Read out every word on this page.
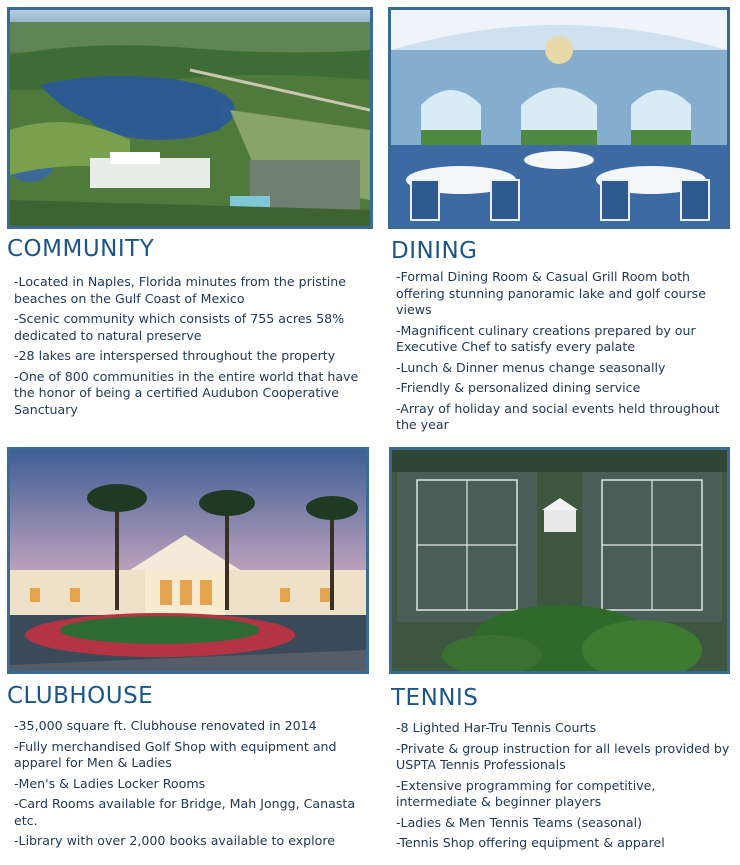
COMMUNITY	DINING
CLUBHOUSE	TENNIS
- Located in Naples, Florida minutes from the pristine beaches on the Gulf Coast of Mexico
- Scenic community which consists of 755 acres 58% dedicated to natural preserve
- 28 lakes are interspersed throughout the property
- One of 800 communities in the entire world that have the honor of being a certified Audubon Cooperative Sanctuary
- Formal Dining Room & Casual Grill Room both offering stunning panoramic lake and golf course views
- Magnificent culinary creations prepared by our Executive Chef to satisfy every palate
- Lunch & Dinner menus change seasonally
- Friendly & personalized dining service
- Array of holiday and social events held throughout the year
- 35,000 square ft. Clubhouse renovated in 2014
- Fully merchandised Golf Shop with equipment and apparel for Men & Ladies
- Men's & Ladies Locker Rooms
- Card Rooms available for Bridge, Mah Jongg, Canasta etc.
- Library with over 2,000 books available to explore
- 8 Lighted Har-Tru Tennis Courts
- Private & group instruction for all levels provided by USPTA Tennis Professionals
- Extensive programming for competitive, intermediate & beginner players
- Ladies & Men Tennis Teams (seasonal)
- Tennis Shop offering equipment & apparel
